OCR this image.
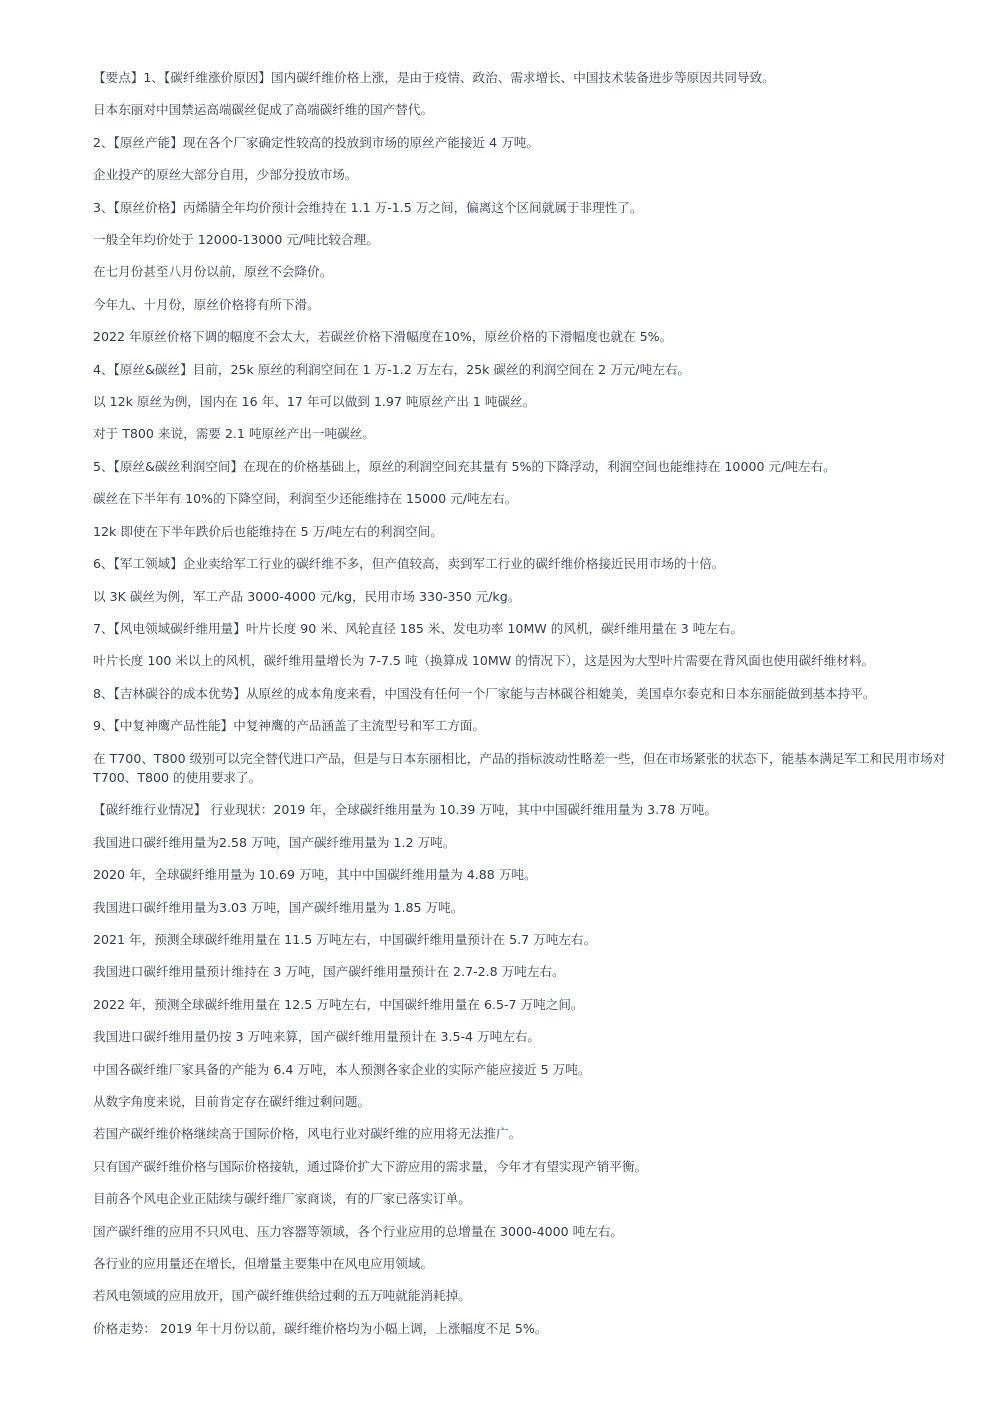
【要点】1、【碳纤维涨价原因】国内碳纤维价格上涨，是由于疫情、政治、需求增长、中国技术装备进步等原因共同导致。

日本东丽对中国禁运高端碳丝促成了高端碳纤维的国产替代。

2、【原丝产能】现在各个厂家确定性较高的投放到市场的原丝产能接近 4 万吨。

企业投产的原丝大部分自用，少部分投放市场。

3、【原丝价格】丙烯腈全年均价预计会维持在 1.1 万-1.5 万之间，偏离这个区间就属于非理性了。

一般全年均价处于 12000-13000 元/吨比较合理。

在七月份甚至八月份以前，原丝不会降价。

今年九、十月份，原丝价格将有所下滑。

2022 年原丝价格下调的幅度不会太大，若碳丝价格下滑幅度在10%，原丝价格的下滑幅度也就在 5%。

4、【原丝&碳丝】目前，25k 原丝的利润空间在 1 万-1.2 万左右，25k 碳丝的利润空间在 2 万元/吨左右。

以 12k 原丝为例，国内在 16 年、17 年可以做到 1.97 吨原丝产出 1 吨碳丝。

对于 T800 来说，需要 2.1 吨原丝产出一吨碳丝。

5、【原丝&碳丝利润空间】在现在的价格基础上，原丝的利润空间充其量有 5%的下降浮动，利润空间也能维持在 10000 元/吨左右。

碳丝在下半年有 10%的下降空间，利润至少还能维持在 15000 元/吨左右。

12k 即使在下半年跌价后也能维持在 5 万/吨左右的利润空间。

6、【军工领域】企业卖给军工行业的碳纤维不多，但产值较高，卖到军工行业的碳纤维价格接近民用市场的十倍。

以 3K 碳丝为例，军工产品 3000-4000 元/kg，民用市场 330-350 元/kg。

7、【风电领域碳纤维用量】叶片长度 90 米、风轮直径 185 米、发电功率 10MW 的风机，碳纤维用量在 3 吨左右。

叶片长度 100 米以上的风机，碳纤维用量增长为 7-7.5 吨（换算成 10MW 的情况下），这是因为大型叶片需要在背风面也使用碳纤维材料。

8、【吉林碳谷的成本优势】从原丝的成本角度来看，中国没有任何一个厂家能与吉林碳谷相媲美，美国卓尔泰克和日本东丽能做到基本持平。

9、【中复神鹰产品性能】中复神鹰的产品涵盖了主流型号和军工方面。

在 T700、T800 级别可以完全替代进口产品，但是与日本东丽相比，产品的指标波动性略差一些，但在市场紧张的状态下，能基本满足军工和民用市场对 T700、T800 的使用要求了。

【碳纤维行业情况】 行业现状：2019 年，全球碳纤维用量为 10.39 万吨，其中中国碳纤维用量为 3.78 万吨。

我国进口碳纤维用量为2.58 万吨，国产碳纤维用量为 1.2 万吨。

2020 年，全球碳纤维用量为 10.69 万吨，其中中国碳纤维用量为 4.88 万吨。

我国进口碳纤维用量为3.03 万吨，国产碳纤维用量为 1.85 万吨。

2021 年，预测全球碳纤维用量在 11.5 万吨左右，中国碳纤维用量预计在 5.7 万吨左右。

我国进口碳纤维用量预计维持在 3 万吨，国产碳纤维用量预计在 2.7-2.8 万吨左右。

2022 年，预测全球碳纤维用量在 12.5 万吨左右，中国碳纤维用量在 6.5-7 万吨之间。

我国进口碳纤维用量仍按 3 万吨来算，国产碳纤维用量预计在 3.5-4 万吨左右。

中国各碳纤维厂家具备的产能为 6.4 万吨，本人预测各家企业的实际产能应接近 5 万吨。

从数字角度来说，目前肯定存在碳纤维过剩问题。

若国产碳纤维价格继续高于国际价格，风电行业对碳纤维的应用将无法推广。

只有国产碳纤维价格与国际价格接轨，通过降价扩大下游应用的需求量，今年才有望实现产销平衡。

目前各个风电企业正陆续与碳纤维厂家商谈，有的厂家已落实订单。

国产碳纤维的应用不只风电、压力容器等领域，各个行业应用的总增量在 3000-4000 吨左右。

各行业的应用量还在增长，但增量主要集中在风电应用领域。

若风电领域的应用放开，国产碳纤维供给过剩的五万吨就能消耗掉。

价格走势： 2019 年十月份以前，碳纤维价格均为小幅上调，上涨幅度不足 5%。
